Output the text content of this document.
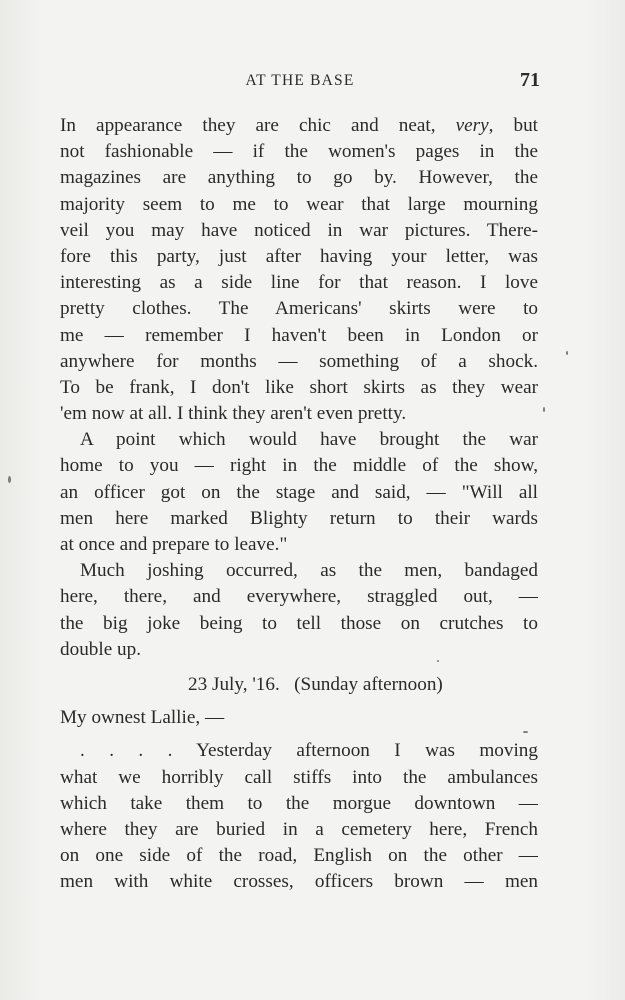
AT THE BASE	71
In appearance they are chic and neat, very, but
not fashionable — if the women's pages in the
magazines are anything to go by. However, the
majority seem to me to wear that large mourning
veil you may have noticed in war pictures. There-
fore this party, just after having your letter, was
interesting as a side line for that reason. I love
pretty clothes. The Americans' skirts were to
me — remember I haven't been in London or
anywhere for months — something of a shock.
To be frank, I don't like short skirts as they wear
'em now at all. I think they aren't even pretty.
A point which would have brought the war
home to you — right in the middle of the show,
an officer got on the stage and said, — "Will all
men here marked Blighty return to their wards
at once and prepare to leave."
Much joshing occurred, as the men, bandaged
here, there, and everywhere, straggled out, —
the big joke being to tell those on crutches to
double up.
23 July, '16.   (Sunday afternoon)
My ownest Lallie, —
. . . . Yesterday afternoon I was moving
what we horribly call stiffs into the ambulances
which take them to the morgue downtown —
where they are buried in a cemetery here, French
on one side of the road, English on the other —
men with white crosses, officers brown — men
